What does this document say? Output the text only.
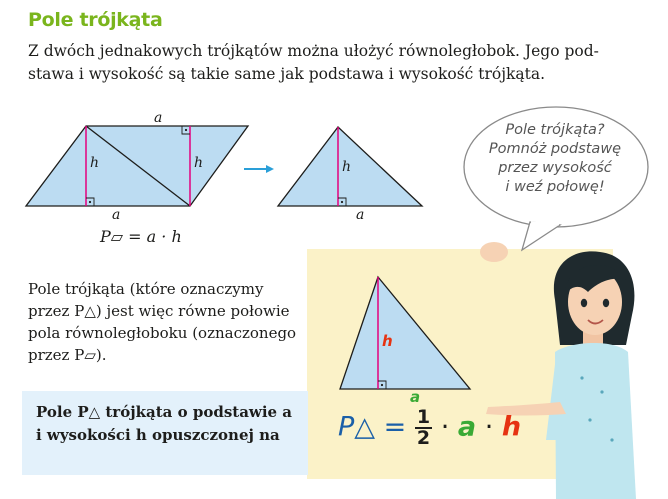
Pole trójkąta
Z dwóch jednakowych trójkątów można ułożyć równoległobok. Jego pod-
stawa i wysokość są takie same jak podstawa i wysokość trójkąta.
a
a
h	h	h
a
h
a
P▱ = a · h
Pole trójkąta (które oznaczymy
przez P△) jest więc równe połowie
pola równoległoboku (oznaczonego
przez P▱).
Pole P△ trójkąta o podstawie a
i wysokości h opuszczonej na
Pole trójkąta?
Pomnóż podstawę
przez wysokość
i weź połowę!
P△ = $\frac{1}{2} \cdot a \cdot h$
